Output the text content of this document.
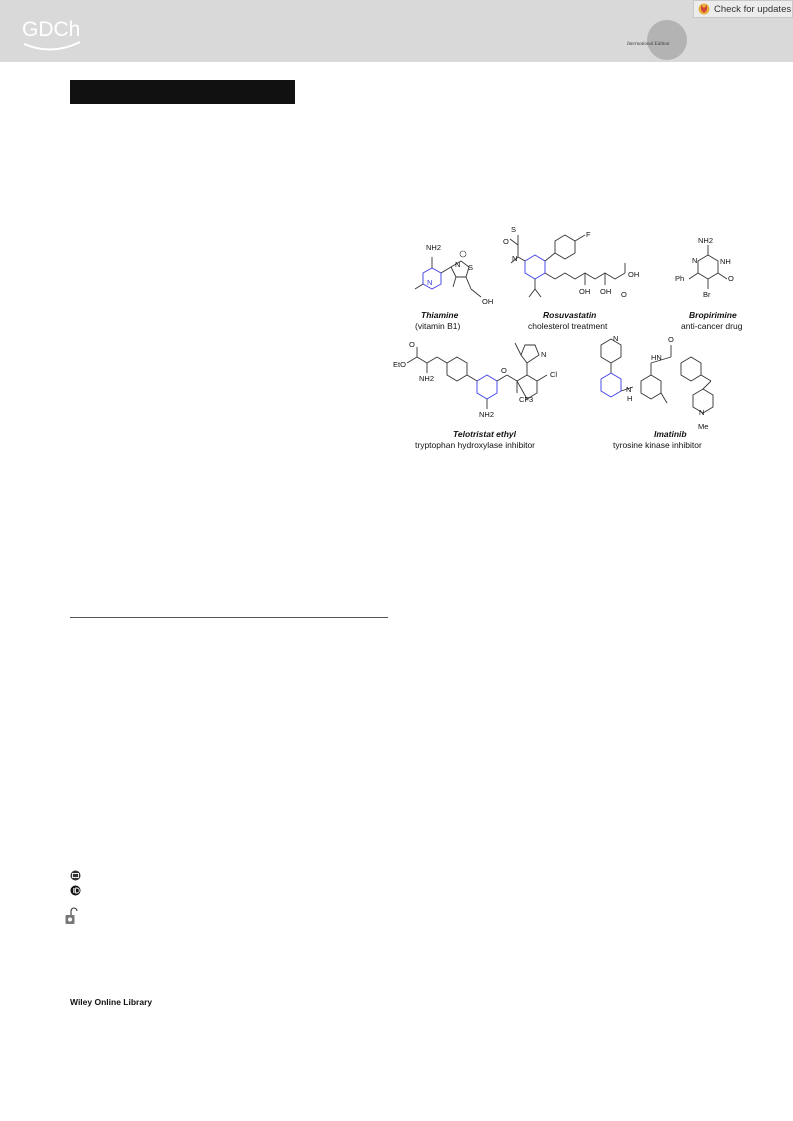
GDCh
International Edition
Check for updates
NH2
N
N S
OH
O
S
N
F
OH OH O
OH
NH2
N	NH
O
Ph
Br
O
EtO
NH2
NH2
O
CF3
N
Cl
N
N
H
HN
O
N
Me
Thiamine
(vitamin B1)
Rosuvastatin
cholesterol treatment
Bropirimine
anti-cancer drug
Telotristat ethyl
tryptophan hydroxylase inhibitor
Imatinib
tyrosine kinase inhibitor
Wiley Online Library
